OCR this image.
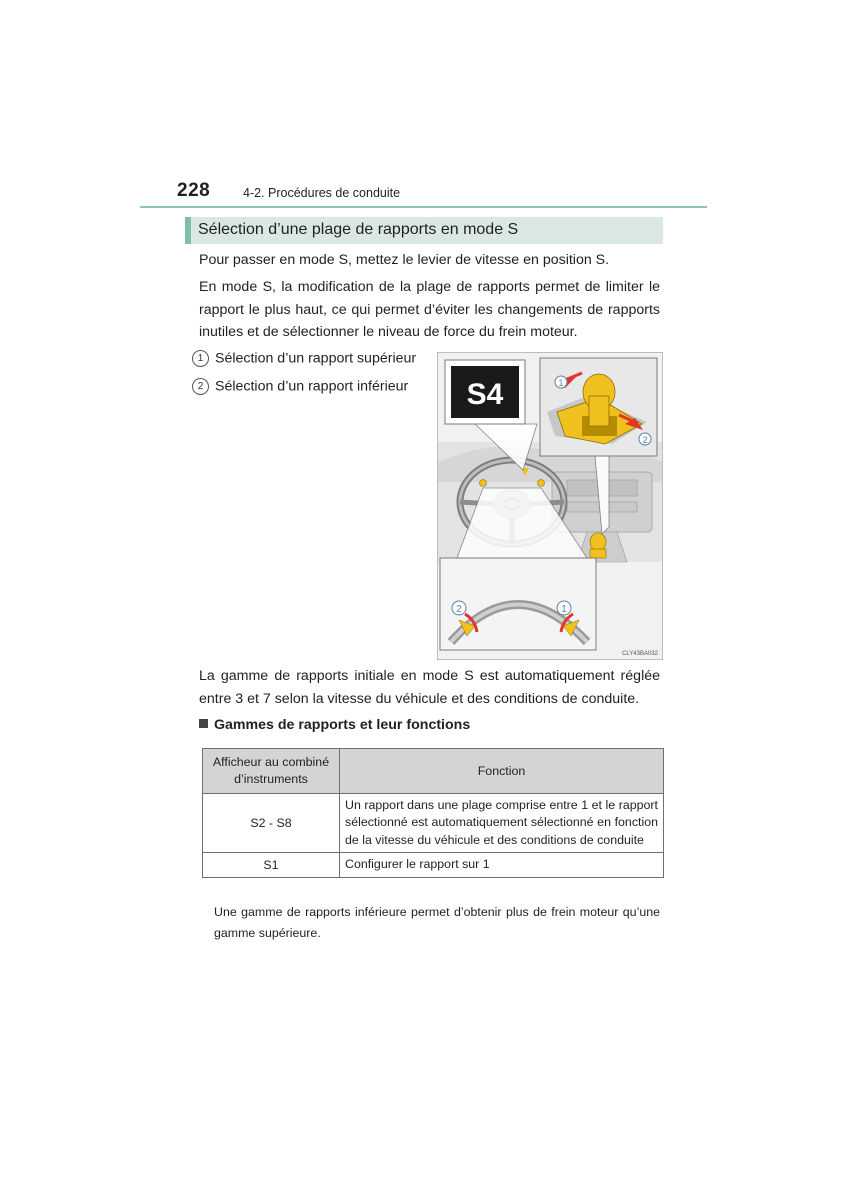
228	4-2. Procédures de conduite
Sélection d’une plage de rapports en mode S
Pour passer en mode S, mettez le levier de vitesse en position S.
En mode S, la modification de la plage de rapports permet de limiter le rapport le plus haut, ce qui permet d’éviter les changements de rapports inutiles et de sélectionner le niveau de force du frein moteur.
1 Sélection d’un rapport supérieur
2 Sélection d’un rapport inférieur S4	1
2
2	1
CLY43BA032
La gamme de rapports initiale en mode S est automatiquement réglée entre 3 et 7 selon la vitesse du véhicule et des conditions de conduite.
Gammes de rapports et leur fonctions
Afficheur au combiné d’instruments	Fonction
S2 - S8	Un rapport dans une plage comprise entre 1 et le rapport sélectionné est automatiquement sélectionné en fonction de la vitesse du véhicule et des conditions de conduite
S1	Configurer le rapport sur 1
Une gamme de rapports inférieure permet d’obtenir plus de frein moteur qu’une gamme supérieure.
